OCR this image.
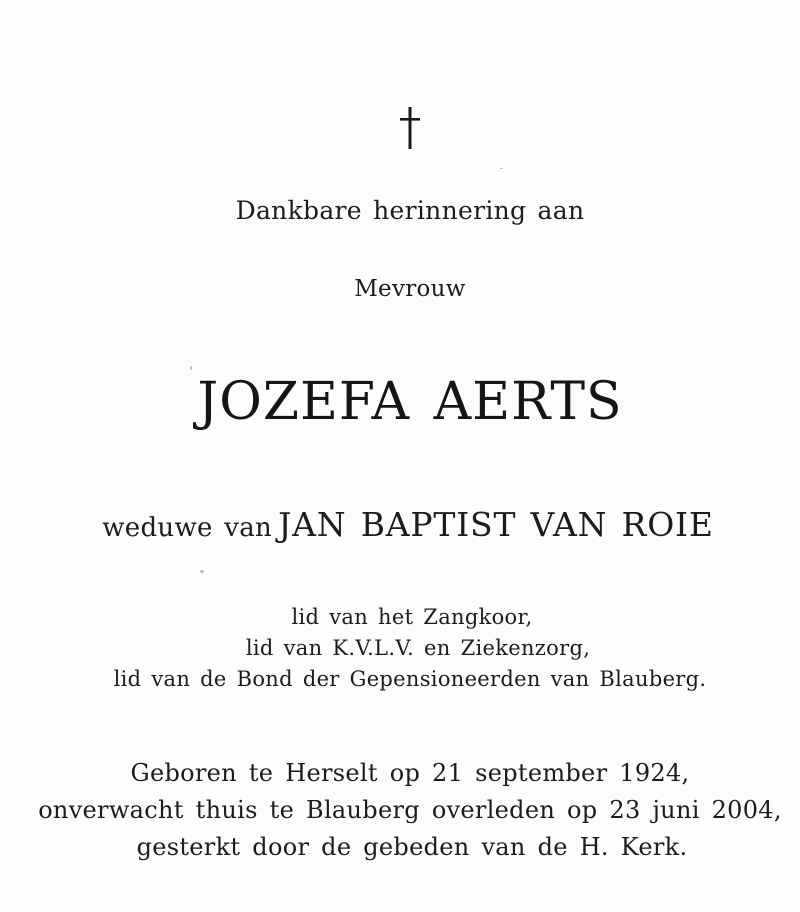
Dankbare herinnering aan
Mevrouw
JOZEFA AERTS
weduwe van JAN BAPTIST VAN ROIE
lid van het Zangkoor,
lid van K.V.L.V. en Ziekenzorg,
lid van de Bond der Gepensioneerden van Blauberg.
Geboren te Herselt op 21 september 1924,
onverwacht thuis te Blauberg overleden op 23 juni 2004,
gesterkt door de gebeden van de H. Kerk.
